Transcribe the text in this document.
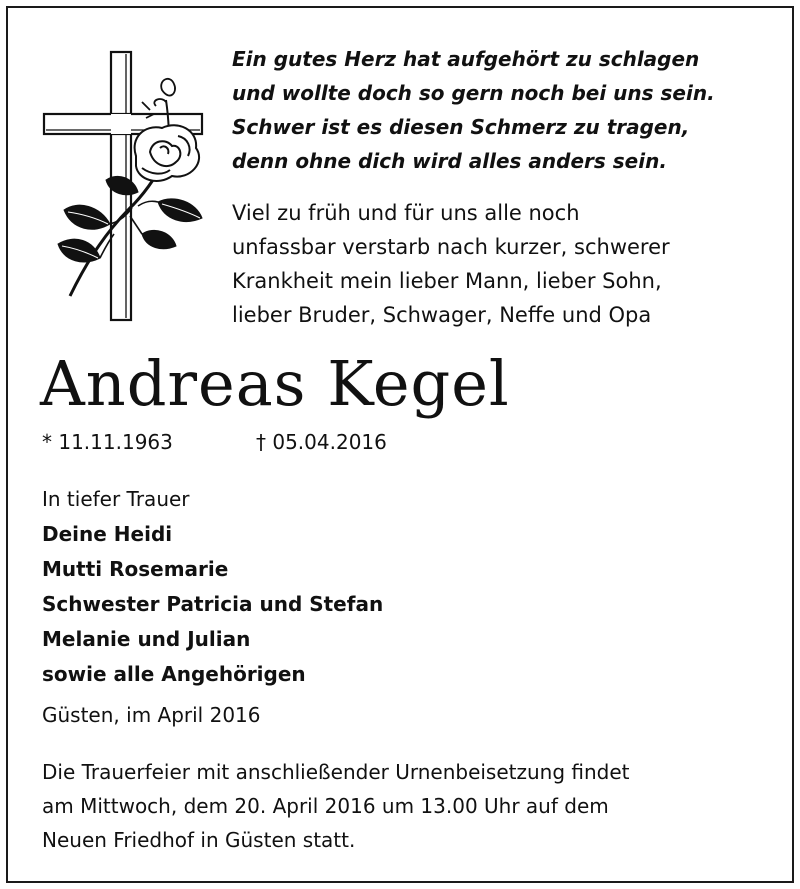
Ein gutes Herz hat aufgehört zu schlagen
und wollte doch so gern noch bei uns sein.
Schwer ist es diesen Schmerz zu tragen,
denn ohne dich wird alles anders sein.
Viel zu früh und für uns alle noch
unfassbar verstarb nach kurzer, schwerer
Krankheit mein lieber Mann, lieber Sohn,
lieber Bruder, Schwager, Neffe und Opa
Andreas Kegel
* 11.11.1963	† 05.04.2016
In tiefer Trauer
Deine Heidi
Mutti Rosemarie
Schwester Patricia und Stefan
Melanie und Julian
sowie alle Angehörigen
Güsten, im April 2016
Die Trauerfeier mit anschließender Urnenbeisetzung findet
am Mittwoch, dem 20. April 2016 um 13.00 Uhr auf dem
Neuen Friedhof in Güsten statt.
